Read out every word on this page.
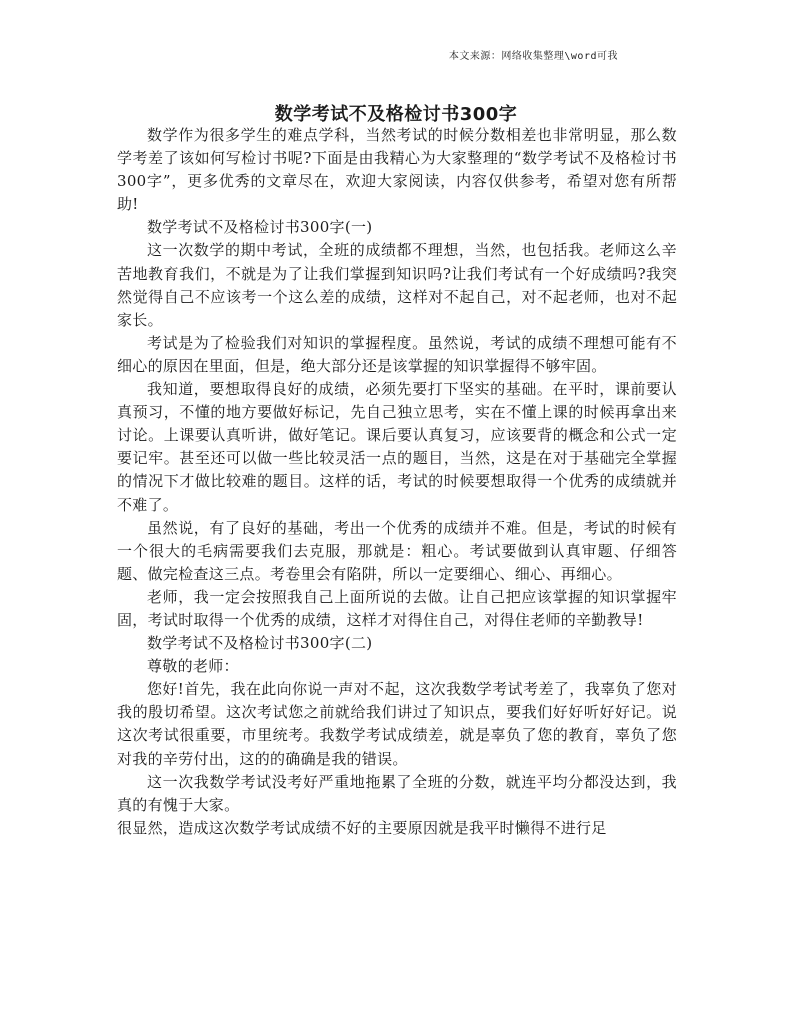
本文来源：网络收集整理\word可我
数学考试不及格检讨书300字

数学作为很多学生的难点学科，当然考试的时候分数相差也非常明显，那么数学考差了该如何写检讨书呢?下面是由我精心为大家整理的“数学考试不及格检讨书300字”，更多优秀的文章尽在，欢迎大家阅读，内容仅供参考，希望对您有所帮助!

数学考试不及格检讨书300字(一)

这一次数学的期中考试，全班的成绩都不理想，当然，也包括我。老师这么辛苦地教育我们，不就是为了让我们掌握到知识吗?让我们考试有一个好成绩吗?我突然觉得自己不应该考一个这么差的成绩，这样对不起自己，对不起老师，也对不起家长。

考试是为了检验我们对知识的掌握程度。虽然说，考试的成绩不理想可能有不细心的原因在里面，但是，绝大部分还是该掌握的知识掌握得不够牢固。

我知道，要想取得良好的成绩，必须先要打下坚实的基础。在平时，课前要认真预习，不懂的地方要做好标记，先自己独立思考，实在不懂上课的时候再拿出来讨论。上课要认真听讲，做好笔记。课后要认真复习，应该要背的概念和公式一定要记牢。甚至还可以做一些比较灵活一点的题目，当然，这是在对于基础完全掌握的情况下才做比较难的题目。这样的话，考试的时候要想取得一个优秀的成绩就并不难了。

虽然说，有了良好的基础，考出一个优秀的成绩并不难。但是，考试的时候有一个很大的毛病需要我们去克服，那就是：粗心。考试要做到认真审题、仔细答题、做完检查这三点。考卷里会有陷阱，所以一定要细心、细心、再细心。

老师，我一定会按照我自己上面所说的去做。让自己把应该掌握的知识掌握牢固，考试时取得一个优秀的成绩，这样才对得住自己，对得住老师的辛勤教导!

数学考试不及格检讨书300字(二)

尊敬的老师：

您好!首先，我在此向你说一声对不起，这次我数学考试考差了，我辜负了您对我的殷切希望。这次考试您之前就给我们讲过了知识点，要我们好好听好好记。说这次考试很重要，市里统考。我数学考试成绩差，就是辜负了您的教育，辜负了您对我的辛劳付出，这的的确确是我的错误。

这一次我数学考试没考好严重地拖累了全班的分数，就连平均分都没达到，我真的有愧于大家。

很显然，造成这次数学考试成绩不好的主要原因就是我平时懒得不进行足
